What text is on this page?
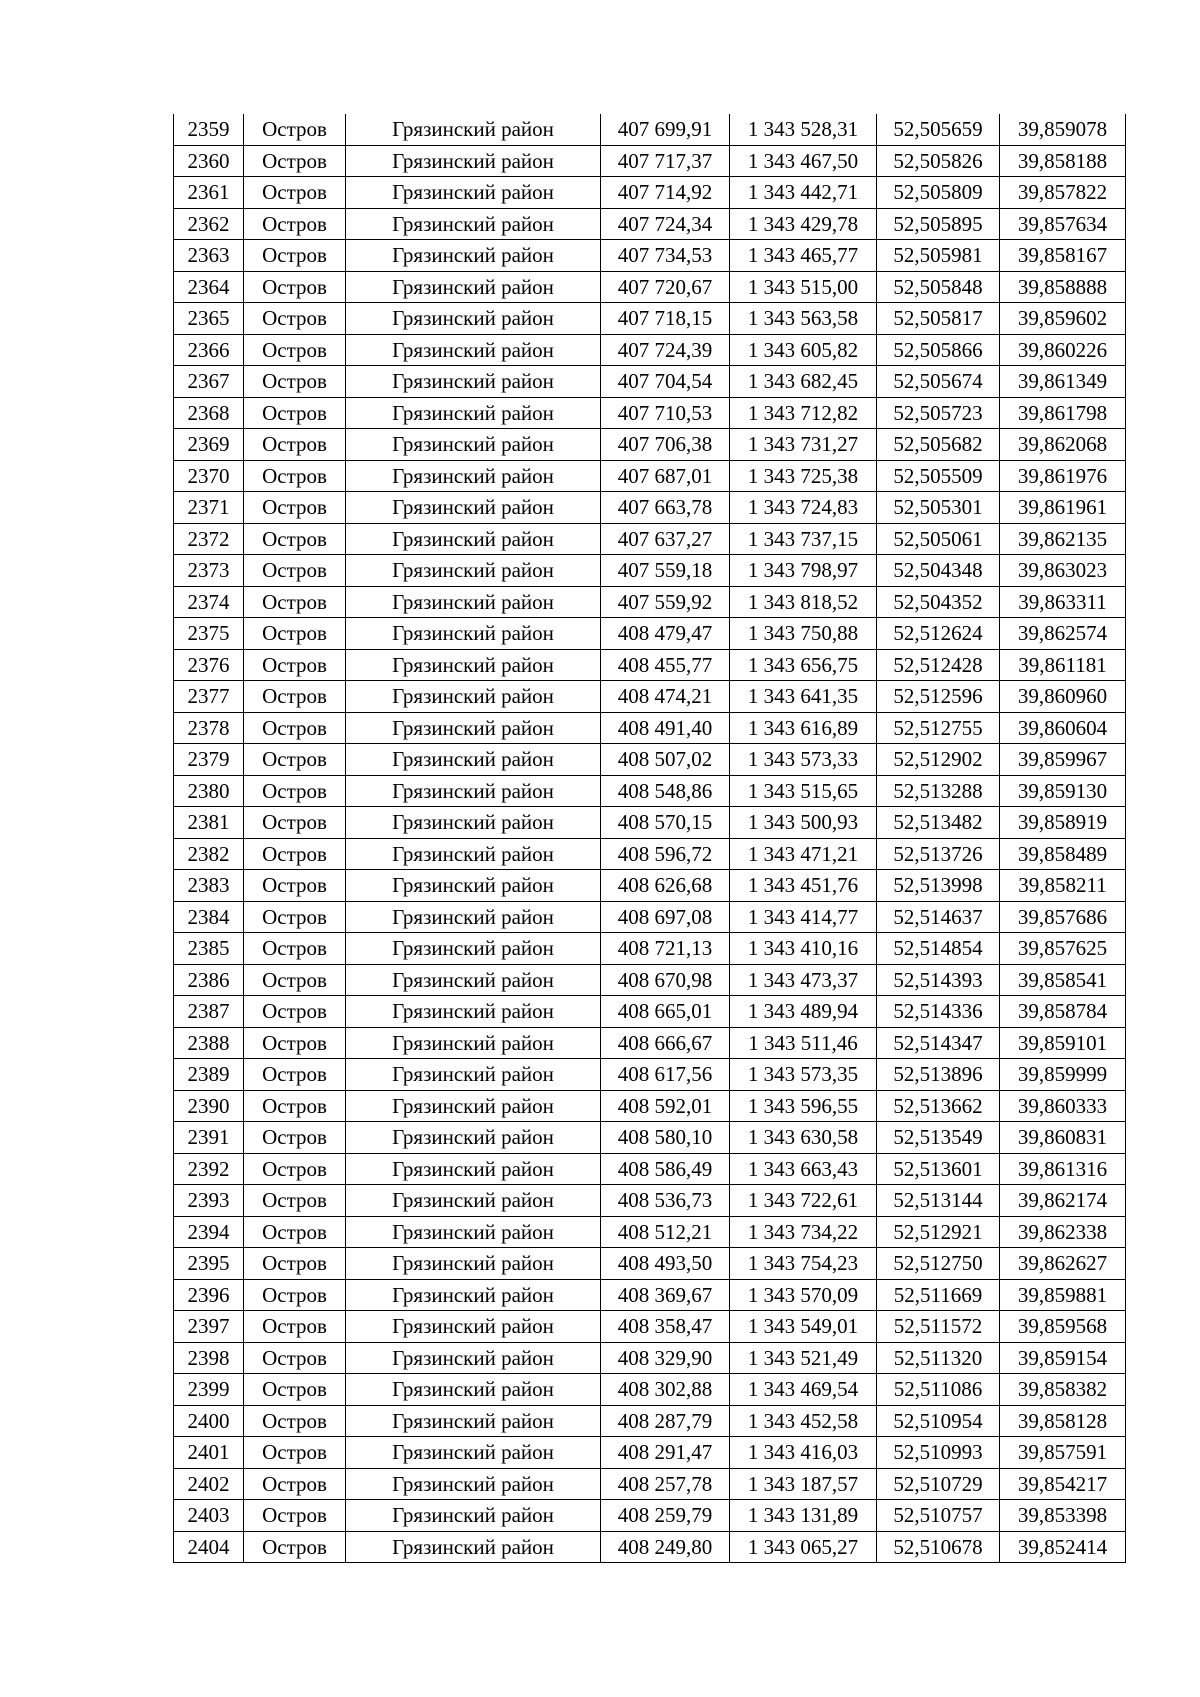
2359	Остров	Грязинский район	407 699,91	1 343 528,31	52,505659	39,859078
2360	Остров	Грязинский район	407 717,37	1 343 467,50	52,505826	39,858188
2361	Остров	Грязинский район	407 714,92	1 343 442,71	52,505809	39,857822
2362	Остров	Грязинский район	407 724,34	1 343 429,78	52,505895	39,857634
2363	Остров	Грязинский район	407 734,53	1 343 465,77	52,505981	39,858167
2364	Остров	Грязинский район	407 720,67	1 343 515,00	52,505848	39,858888
2365	Остров	Грязинский район	407 718,15	1 343 563,58	52,505817	39,859602
2366	Остров	Грязинский район	407 724,39	1 343 605,82	52,505866	39,860226
2367	Остров	Грязинский район	407 704,54	1 343 682,45	52,505674	39,861349
2368	Остров	Грязинский район	407 710,53	1 343 712,82	52,505723	39,861798
2369	Остров	Грязинский район	407 706,38	1 343 731,27	52,505682	39,862068
2370	Остров	Грязинский район	407 687,01	1 343 725,38	52,505509	39,861976
2371	Остров	Грязинский район	407 663,78	1 343 724,83	52,505301	39,861961
2372	Остров	Грязинский район	407 637,27	1 343 737,15	52,505061	39,862135
2373	Остров	Грязинский район	407 559,18	1 343 798,97	52,504348	39,863023
2374	Остров	Грязинский район	407 559,92	1 343 818,52	52,504352	39,863311
2375	Остров	Грязинский район	408 479,47	1 343 750,88	52,512624	39,862574
2376	Остров	Грязинский район	408 455,77	1 343 656,75	52,512428	39,861181
2377	Остров	Грязинский район	408 474,21	1 343 641,35	52,512596	39,860960
2378	Остров	Грязинский район	408 491,40	1 343 616,89	52,512755	39,860604
2379	Остров	Грязинский район	408 507,02	1 343 573,33	52,512902	39,859967
2380	Остров	Грязинский район	408 548,86	1 343 515,65	52,513288	39,859130
2381	Остров	Грязинский район	408 570,15	1 343 500,93	52,513482	39,858919
2382	Остров	Грязинский район	408 596,72	1 343 471,21	52,513726	39,858489
2383	Остров	Грязинский район	408 626,68	1 343 451,76	52,513998	39,858211
2384	Остров	Грязинский район	408 697,08	1 343 414,77	52,514637	39,857686
2385	Остров	Грязинский район	408 721,13	1 343 410,16	52,514854	39,857625
2386	Остров	Грязинский район	408 670,98	1 343 473,37	52,514393	39,858541
2387	Остров	Грязинский район	408 665,01	1 343 489,94	52,514336	39,858784
2388	Остров	Грязинский район	408 666,67	1 343 511,46	52,514347	39,859101
2389	Остров	Грязинский район	408 617,56	1 343 573,35	52,513896	39,859999
2390	Остров	Грязинский район	408 592,01	1 343 596,55	52,513662	39,860333
2391	Остров	Грязинский район	408 580,10	1 343 630,58	52,513549	39,860831
2392	Остров	Грязинский район	408 586,49	1 343 663,43	52,513601	39,861316
2393	Остров	Грязинский район	408 536,73	1 343 722,61	52,513144	39,862174
2394	Остров	Грязинский район	408 512,21	1 343 734,22	52,512921	39,862338
2395	Остров	Грязинский район	408 493,50	1 343 754,23	52,512750	39,862627
2396	Остров	Грязинский район	408 369,67	1 343 570,09	52,511669	39,859881
2397	Остров	Грязинский район	408 358,47	1 343 549,01	52,511572	39,859568
2398	Остров	Грязинский район	408 329,90	1 343 521,49	52,511320	39,859154
2399	Остров	Грязинский район	408 302,88	1 343 469,54	52,511086	39,858382
2400	Остров	Грязинский район	408 287,79	1 343 452,58	52,510954	39,858128
2401	Остров	Грязинский район	408 291,47	1 343 416,03	52,510993	39,857591
2402	Остров	Грязинский район	408 257,78	1 343 187,57	52,510729	39,854217
2403	Остров	Грязинский район	408 259,79	1 343 131,89	52,510757	39,853398
2404	Остров	Грязинский район	408 249,80	1 343 065,27	52,510678	39,852414
